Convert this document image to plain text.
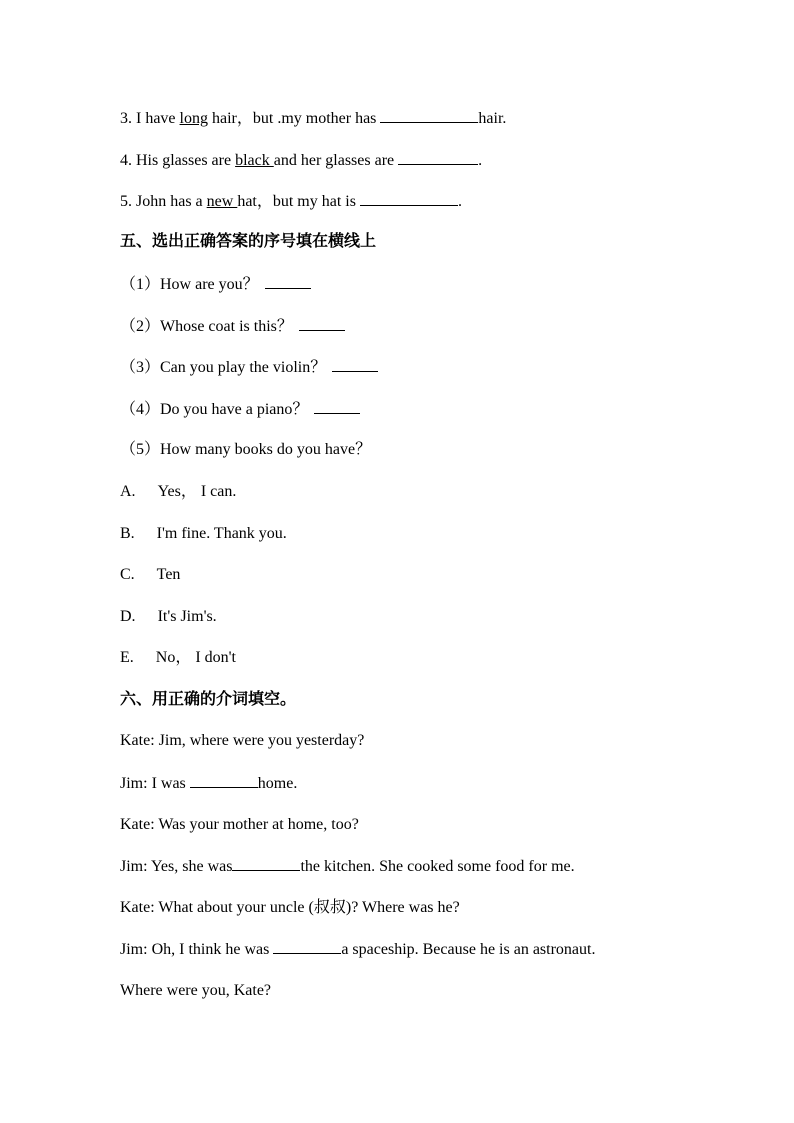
3. I have long hair，but .my mother has	hair.
4. His glasses are black and her glasses are	.
5. John has a new hat，but my hat is	.
五、选出正确答案的序号填在横线上
（1）How are you？
（2）Whose coat is this？
（3）Can you play the violin？
（4）Do you have a piano？
（5）How many books do you have？
A. Yes， I can.
B. I'm fine. Thank you.
C. Ten
D. It's Jim's.
E. No， I don't
六、用正确的介词填空。
Kate: Jim, where were you yesterday?
Jim: I was	home.
Kate: Was your mother at home, too?
Jim: Yes, she was	the kitchen. She cooked some food for me.
Kate: What about your uncle (叔叔)? Where was he?
Jim: Oh, I think he was	a spaceship. Because he is an astronaut.
Where were you, Kate?
